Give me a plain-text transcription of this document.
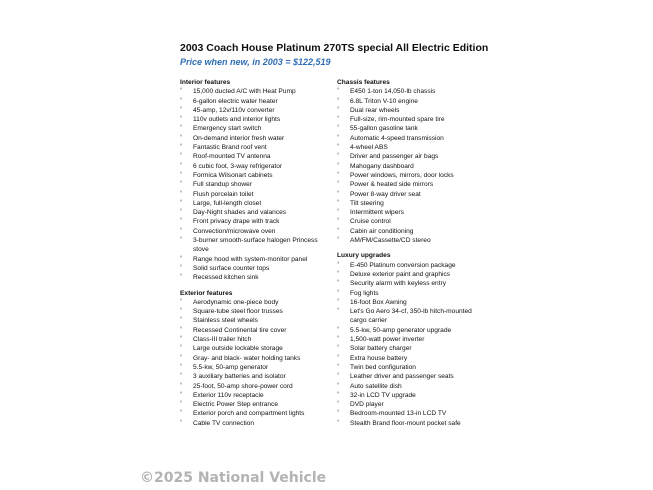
2003 Coach House Platinum 270TS special All Electric Edition
Price when new, in 2003 = $122,519
Interior features
° 15,000 ducted A/C with Heat Pump
° 6-gallon electric water heater
° 45-amp, 12v/110v converter
° 110v outlets and interior lights
° Emergency start switch
° On-demand interior fresh water
° Fantastic Brand roof vent
° Roof-mounted TV antenna
° 6 cubic foot, 3-way refrigerator
° Formica Wilsonart cabinets
° Full standup shower
° Flush porcelain toilet
° Large, full-length closet
° Day-Night shades and valances
° Front privacy drape with track
° Convection/microwave oven
° 3-burner smooth-surface halogen Princess stove
° Range hood with system-monitor panel
° Solid surface counter tops
° Recessed kitchen sink
Exterior features
° Aerodynamic one-piece body
° Square-tube steel floor trusses
° Stainless steel wheels
° Recessed Continental tire cover
° Class-III trailer hitch
° Large outside lockable storage
° Gray- and black- water holding tanks
° 5.5-kw, 50-amp generator
° 3 auxiliary batteries and isolator
° 25-foot, 50-amp shore-power cord
° Exterior 110v receptacle
° Electric Power Step entrance
° Exterior porch and compartment lights
° Cable TV connection
Chassis features
° E450 1-ton 14,050-lb chassis
° 6.8L Triton V-10 engine
° Dual rear wheels
° Full-size, rim-mounted spare tire
° 55-gallon gasoline tank
° Automatic 4-speed transmission
° 4-wheel ABS
° Driver and passenger air bags
° Mahogany dashboard
° Power windows, mirrors, door locks
° Power & heated side mirrors
° Power 8-way driver seat
° Tilt steering
° Intermittent wipers
° Cruise control
° Cabin air conditioning
° AM/FM/Cassette/CD stereo
Luxury upgrades
° E-450 Platinum conversion package
° Deluxe exterior paint and graphics
° Security alarm with keyless entry
° Fog lights
° 16-foot Box Awning
° Let's Go Aero 34-cf, 350-lb hitch-mounted cargo carrier
° 5.5-kw, 50-amp generator upgrade
° 1,500-watt power inverter
° Solar battery charger
° Extra house battery
° Twin bed configuration
° Leather driver and passenger seats
° Auto satellite dish
° 32-in LCD TV upgrade
° DVD player
° Bedroom-mounted 13-in LCD TV
° Stealth Brand floor-mount pocket safe
©2025 National Vehicle
